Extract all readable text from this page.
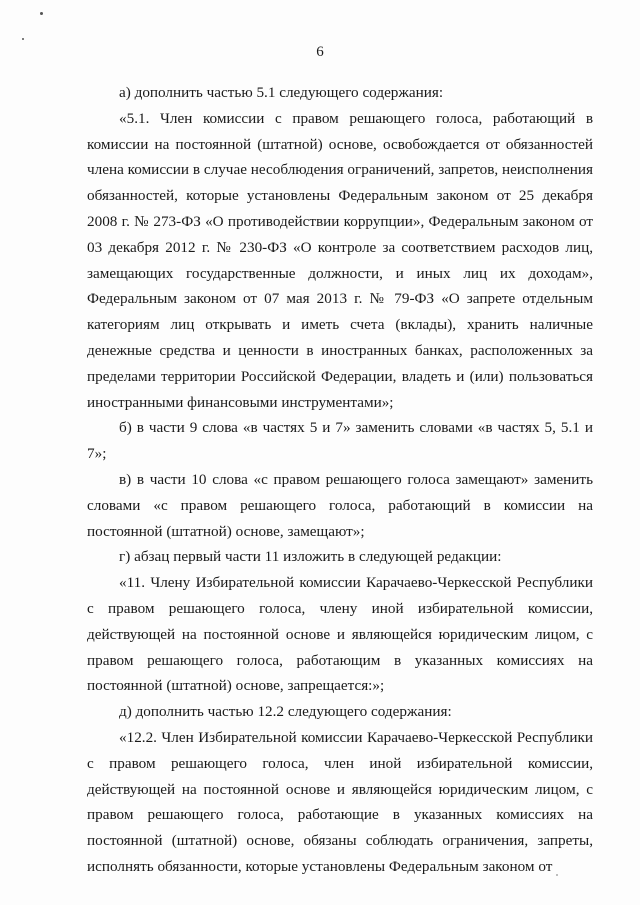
6

а) дополнить частью 5.1 следующего содержания:

«5.1. Член комиссии с правом решающего голоса, работающий в комиссии на постоянной (штатной) основе, освобождается от обязанностей члена комиссии в случае несоблюдения ограничений, запретов, неисполнения обязанностей, которые установлены Федеральным законом от 25 декабря 2008 г. № 273-ФЗ «О противодействии коррупции», Федеральным законом от 03 декабря 2012 г. № 230-ФЗ «О контроле за соответствием расходов лиц, замещающих государственные должности, и иных лиц их доходам», Федеральным законом от 07 мая 2013 г. № 79-ФЗ «О запрете отдельным категориям лиц открывать и иметь счета (вклады), хранить наличные денежные средства и ценности в иностранных банках, расположенных за пределами территории Российской Федерации, владеть и (или) пользоваться иностранными финансовыми инструментами»;

б) в части 9 слова «в частях 5 и 7» заменить словами «в частях 5, 5.1 и 7»;

в) в части 10 слова «с правом решающего голоса замещают» заменить словами «с правом решающего голоса, работающий в комиссии на постоянной (штатной) основе, замещают»;

г) абзац первый части 11 изложить в следующей редакции:

«11. Члену Избирательной комиссии Карачаево-Черкесской Республики с правом решающего голоса, члену иной избирательной комиссии, действующей на постоянной основе и являющейся юридическим лицом, с правом решающего голоса, работающим в указанных комиссиях на постоянной (штатной) основе, запрещается:»;

д) дополнить частью 12.2 следующего содержания:

«12.2. Член Избирательной комиссии Карачаево-Черкесской Республики с правом решающего голоса, член иной избирательной комиссии, действующей на постоянной основе и являющейся юридическим лицом, с правом решающего голоса, работающие в указанных комиссиях на постоянной (штатной) основе, обязаны соблюдать ограничения, запреты, исполнять обязанности, которые установлены Федеральным законом от
